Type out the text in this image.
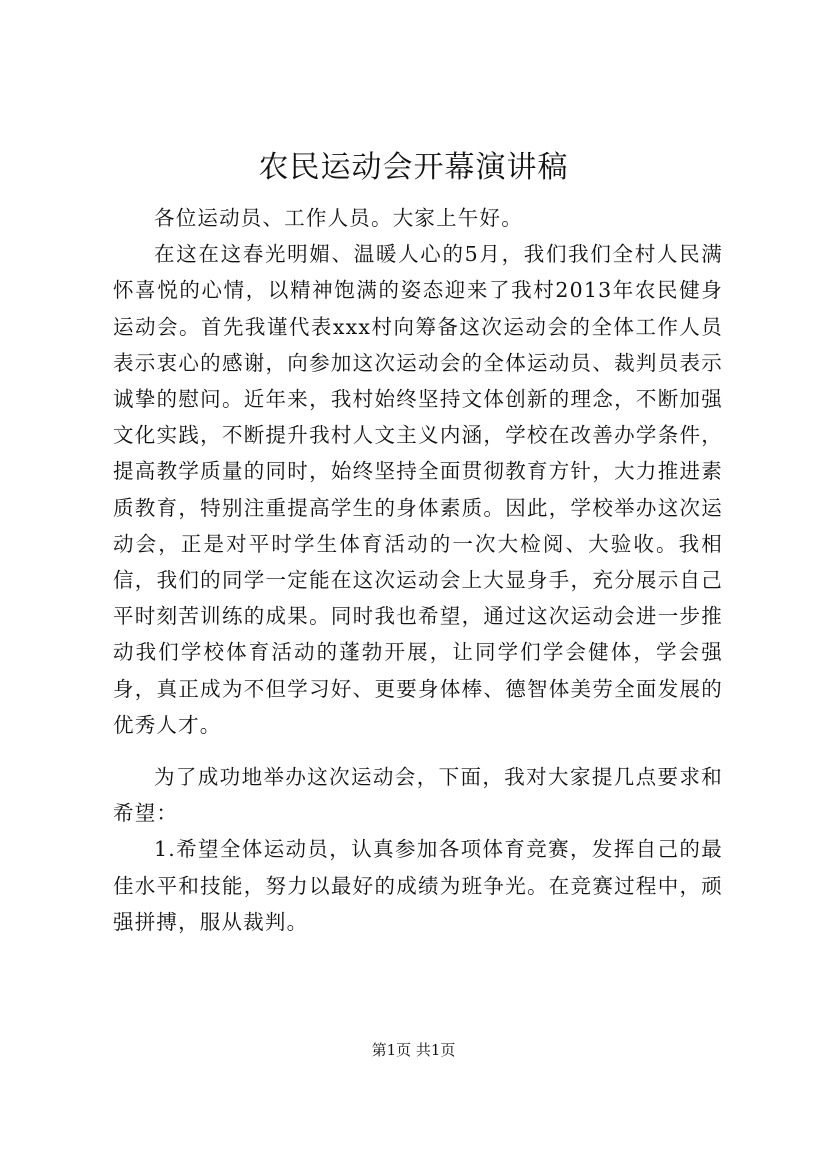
农民运动会开幕演讲稿

各位运动员、工作人员。大家上午好。

在这在这春光明媚、温暖人心的5月，我们我们全村人民满怀喜悦的心情，以精神饱满的姿态迎来了我村2013年农民健身运动会。首先我谨代表xxx村向筹备这次运动会的全体工作人员表示衷心的感谢，向参加这次运动会的全体运动员、裁判员表示诚挚的慰问。近年来，我村始终坚持文体创新的理念，不断加强文化实践，不断提升我村人文主义内涵，学校在改善办学条件，提高教学质量的同时，始终坚持全面贯彻教育方针，大力推进素质教育，特别注重提高学生的身体素质。因此，学校举办这次运动会，正是对平时学生体育活动的一次大检阅、大验收。我相信，我们的同学一定能在这次运动会上大显身手，充分展示自己平时刻苦训练的成果。同时我也希望，通过这次运动会进一步推动我们学校体育活动的蓬勃开展，让同学们学会健体，学会强身，真正成为不但学习好、更要身体棒、德智体美劳全面发展的优秀人才。

为了成功地举办这次运动会，下面，我对大家提几点要求和希望：

1.希望全体运动员，认真参加各项体育竞赛，发挥自己的最佳水平和技能，努力以最好的成绩为班争光。在竞赛过程中，顽强拼搏，服从裁判。

第1页 共1页
